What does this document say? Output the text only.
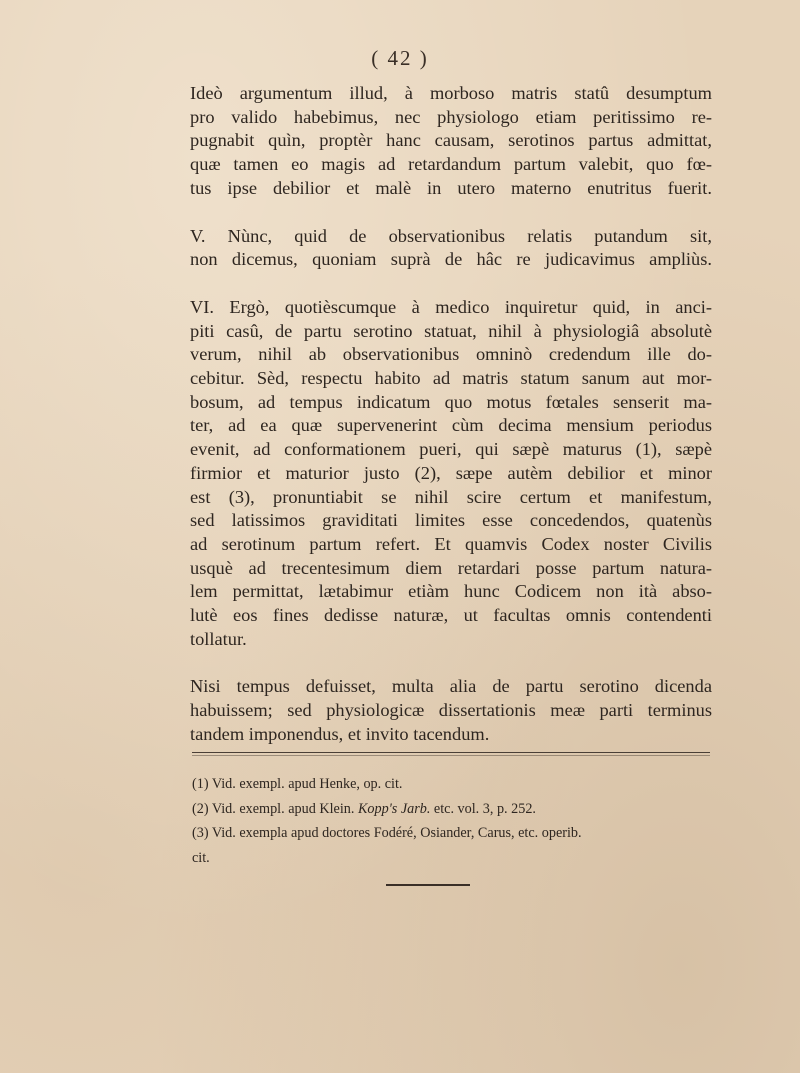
( 42 )
Ideò argumentum illud, à morboso matris statû desumptum
pro valido habebimus, nec physiologo etiam peritissimo re-
pugnabit quìn, proptèr hanc causam, serotinos partus admittat,
quæ tamen eo magis ad retardandum partum valebit, quo fœ-
tus ipse debilior et malè in utero materno enutritus fuerit.
V. Nùnc, quid de observationibus relatis putandum sit,
non dicemus, quoniam suprà de hâc re judicavimus ampliùs.
VI. Ergò, quotièscumque à medico inquiretur quid, in anci-
piti casû, de partu serotino statuat, nihil à physiologiâ absolutè
verum, nihil ab observationibus omninò credendum ille do-
cebitur. Sèd, respectu habito ad matris statum sanum aut mor-
bosum, ad tempus indicatum quo motus fœtales senserit ma-
ter, ad ea quæ supervenerint cùm decima mensium periodus
evenit, ad conformationem pueri, qui sæpè maturus (1), sæpè
firmior et maturior justo (2), sæpe autèm debilior et minor
est (3), pronuntiabit se nihil scire certum et manifestum,
sed latissimos graviditati limites esse concedendos, quatenùs
ad serotinum partum refert. Et quamvis Codex noster Civilis
usquè ad trecentesimum diem retardari posse partum natura-
lem permittat, lætabimur etiàm hunc Codicem non ità abso-
lutè eos fines dedisse naturæ, ut facultas omnis contendenti
tollatur.
Nisi tempus defuisset, multa alia de partu serotino dicenda
habuissem; sed physiologicæ dissertationis meæ parti terminus
tandem imponendus, et invito tacendum.

(1) Vid. exempl. apud Henke, op. cit.

(2) Vid. exempl. apud Klein. Kopp's Jarb. etc. vol. 3, p. 252.

(3) Vid. exempla apud doctores Fodéré, Osiander, Carus, etc. operib.

cit.
